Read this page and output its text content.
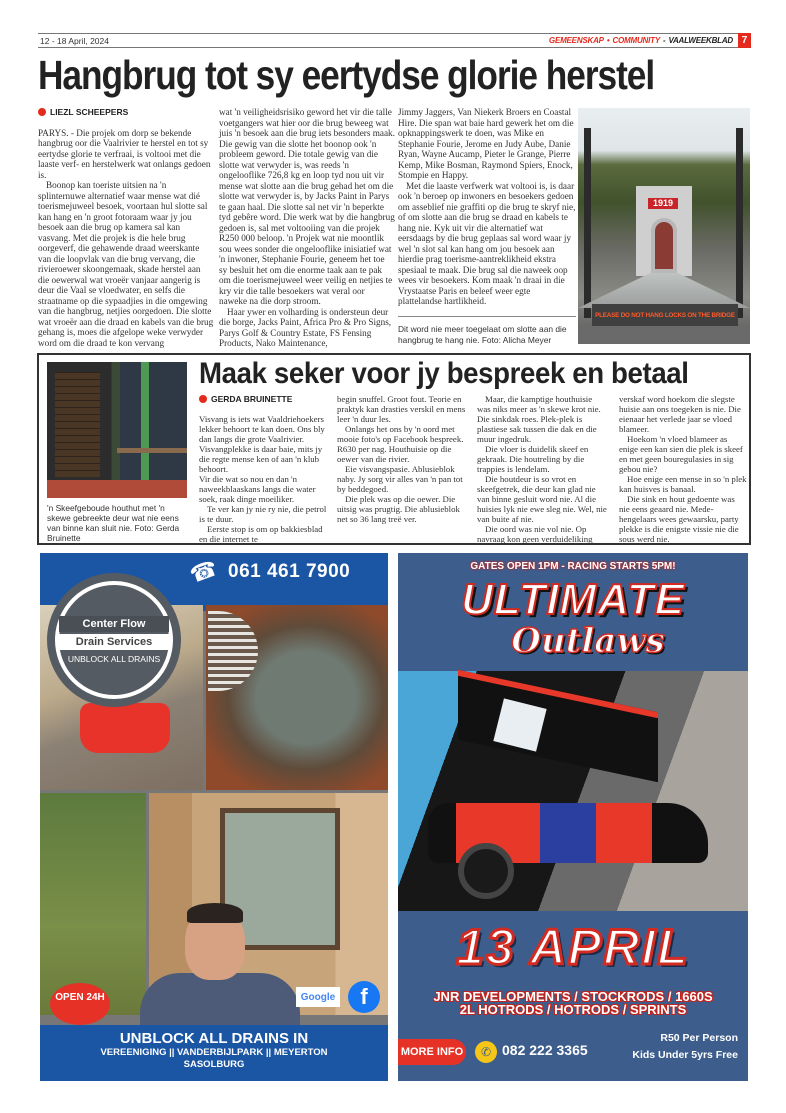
12 - 18 April, 2024	GEMEENSKAP • COMMUNITY - VAALWEEKBLAD 7
Hangbrug tot sy eertydse glorie herstel
LIEZL SCHEEPERS

PARYS. - Die projek om dorp se bekende hangbrug oor die Vaalrivier te herstel en tot sy eertydse glorie te verfraai, is voltooi met die laaste verf- en herstelwerk wat onlangs gedoen is.

Boonop kan toeriste uitsien na 'n splinternuwe alternatief waar mense wat dié toerismejuweel besoek, voortaan hul slotte sal kan hang en 'n groot fotoraam waar jy jou besoek aan die brug op kamera sal kan vasvang. Met die projek is die hele brug oorgeverf, die gehawende draad weerskante van die loopvlak van die brug vervang, die rivieroewer skoongemaak, skade herstel aan die oewerwal wat vroeër vanjaar aangerig is deur die Vaal se vloedwater, en selfs die straatname op die sypaadjies in die omgewing van die hangbrug, netjies oorgedoen. Die slotte wat vroeër aan die draad en kabels van die brug gehang is, moes die afgelope weke verwyder word om die draad te kon vervang

wat 'n veiligheidsrisiko geword het vir die talle voetgangers wat hier oor die brug beweeg wat juis 'n besoek aan die brug iets besonders maak. Die gewig van die slotte het boonop ook 'n probleem geword. Die totale gewig van die slotte wat verwyder is, was reeds 'n ongelooflike 726,8 kg en loop tyd nou uit vir mense wat slotte aan die brug gehad het om die slotte wat verwyder is, by Jacks Paint in Parys te gaan haal. Die slotte sal net vir 'n beperkte tyd gebêre word. Die werk wat by die hangbrug gedoen is, sal met voltooiing van die projek R250 000 beloop. 'n Projek wat nie moontlik sou wees sonder die ongelooflike inisiatief wat 'n inwoner, Stephanie Fourie, geneem het toe sy besluit het om die enorme taak aan te pak om die toerismejuweel weer veilig en netjies te kry vir die talle besoekers wat veral oor naweke na die dorp stroom.

Haar ywer en volharding is ondersteun deur die borge, Jacks Paint, Africa Pro & Pro Signs, Parys Golf & Country Estate, FS Fensing Products, Nako Maintenance,

Jimmy Jaggers, Van Niekerk Broers en Coastal Hire. Die span wat baie hard gewerk het om die opknappingswerk te doen, was Mike en Stephanie Fourie, Jerome en Judy Aube, Danie Ryan, Wayne Aucamp, Pieter le Grange, Pierre Kemp, Mike Bosman, Raymond Spiers, Enock, Stompie en Happy.

Met die laaste verfwerk wat voltooi is, is daar ook 'n beroep op inwoners en besoekers gedoen om asseblief nie graffiti op die brug te skryf nie, of om slotte aan die brug se draad en kabels te hang nie. Kyk uit vir die alternatief wat eersdaags by die brug geplaas sal word waar jy wel 'n slot sal kan hang om jou besoek aan hierdie prag toerisme-aantreklikheid ekstra spesiaal te maak. Die brug sal die naweek oop wees vir besoekers. Kom maak 'n draai in die Vrystaatse Paris en beleef weer egte plattelandse hartlikheid.

Dit word nie meer toegelaat om slotte aan die hangbrug te hang nie. Foto: Alicha Meyer
1919
PLEASE DO NOT HANG LOCKS ON THE BRIDGE
'n Skeefgeboude houthut met 'n skewe gebreekte deur wat nie eens van binne kan sluit nie. Foto: Gerda Bruinette
Maak seker voor jy bespreek en betaal
GERDA BRUINETTE

Visvang is iets wat Vaaldriehoekers lekker behoort te kan doen. Ons bly dan langs die grote Vaalrivier. Visvangplekke is daar baie, mits jy die regte mense ken of aan 'n klub behoort.

Vir die wat so nou en dan 'n naweekblaaskans langs die water soek, raak dinge moeiliker.

Te ver kan jy nie ry nie, die petrol is te duur.

Eerste stop is om op bakkiesblad en die internet te

begin snuffel. Groot fout. Teorie en praktyk kan drasties verskil en mens leer 'n duur les.

Onlangs het ons by 'n oord met mooie foto's op Facebook bespreek. R630 per nag. Houthuisie op die oewer van die rivier.

Eie visvangspasie. Ablusieblok naby. Jy sorg vir alles van 'n pan tot by beddegoed.

Die plek was op die oewer. Die uitsig was prugtig. Die ablusieblok net so 36 lang treë ver.

Maar, die kamptige houthuisie was niks meer as 'n skewe krot nie. Die sinkdak roes. Plek-plek is plastiese sak tussen die dak en die muur ingedruk.

Die vloer is duidelik skeef en gekraak. Die houtreling by die trappies is lendelam.

Die houtdeur is so vrot en skeefgetrek, die deur kan glad nie van binne gesluit word nie. Al die huisies lyk nie ewe sleg nie. Wel, nie van buite af nie.

Die oord was nie vol nie. Op navraag kon geen verduideliking

verskaf word hoekom die slegste huisie aan ons toegeken is nie. Die eienaar het verlede jaar se vloed blameer.

Hoekom 'n vloed blameer as enige een kan sien die plek is skeef en met geen bouregulasies in sig gebou nie?

Hoe enige een mense in so 'n plek kan huisves is banaal.

Die sink en hout gedoente was nie eens geaard nie. Mede-hengelaars wees gewaarsku, party plekke is die enigste vissie nie die sous werd nie.

☎ 061 461 7900
Center Flow
Drain Services
UNBLOCK ALL DRAINS
OPEN 24H	Google	f
UNBLOCK ALL DRAINS IN
VEREENIGING || VANDERBIJLPARK || MEYERTON
SASOLBURG
GATES OPEN 1PM - RACING STARTS 5PM!
ULTIMATE
Outlaws
13 APRIL
JNR DEVELOPMENTS / STOCKRODS / 1660S
2L HOTRODS / HOTRODS / SPRINTS
MORE INFO	✆ 082 222 3365
R50 Per Person
Kids Under 5yrs Free
